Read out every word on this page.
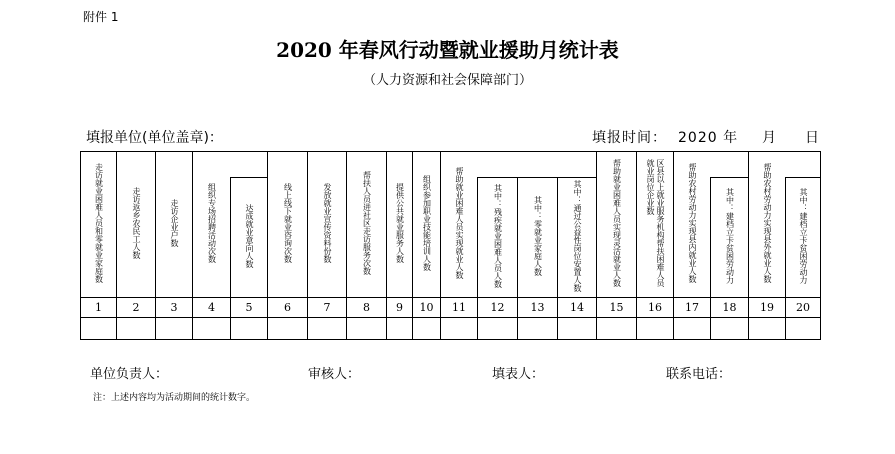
附件 1
2020 年春风行动暨就业援助月统计表
（人力资源和社会保障部门）
填报单位(单位盖章)：	填报时间： 2020 年 月 日
走访就业困难人员和零就业家庭数	走访返乡农民工人数	走访企业户数	组织专场招聘活动次数		线上线下就业咨询次数	发放就业宣传资料份数	帮扶人员进社区走访服务次数	提供公共就业服务人数	组织参加职业技能培训人数	帮助就业困难人员实现就业人数				帮助就业困难人员实现灵活就业人数	区县以上就业服务机构帮扶困难人员就业岗位企业数	帮助农村劳动力实现县内就业人数		帮助农村劳动力实现县外就业人数	
				达成就业意向人数							其中：残疾就业困难人员人数	其中：零就业家庭人数	其中：通过公益性岗位安置人数				其中：建档立卡贫困劳动力		其中：建档立卡贫困劳动力
1	2	3	4	5	6	7	8	9	10	11	12	13	14	15	16	17	18	19	20

单位负责人：	审核人：	填表人：	联系电话：
注：上述内容均为活动期间的统计数字。
